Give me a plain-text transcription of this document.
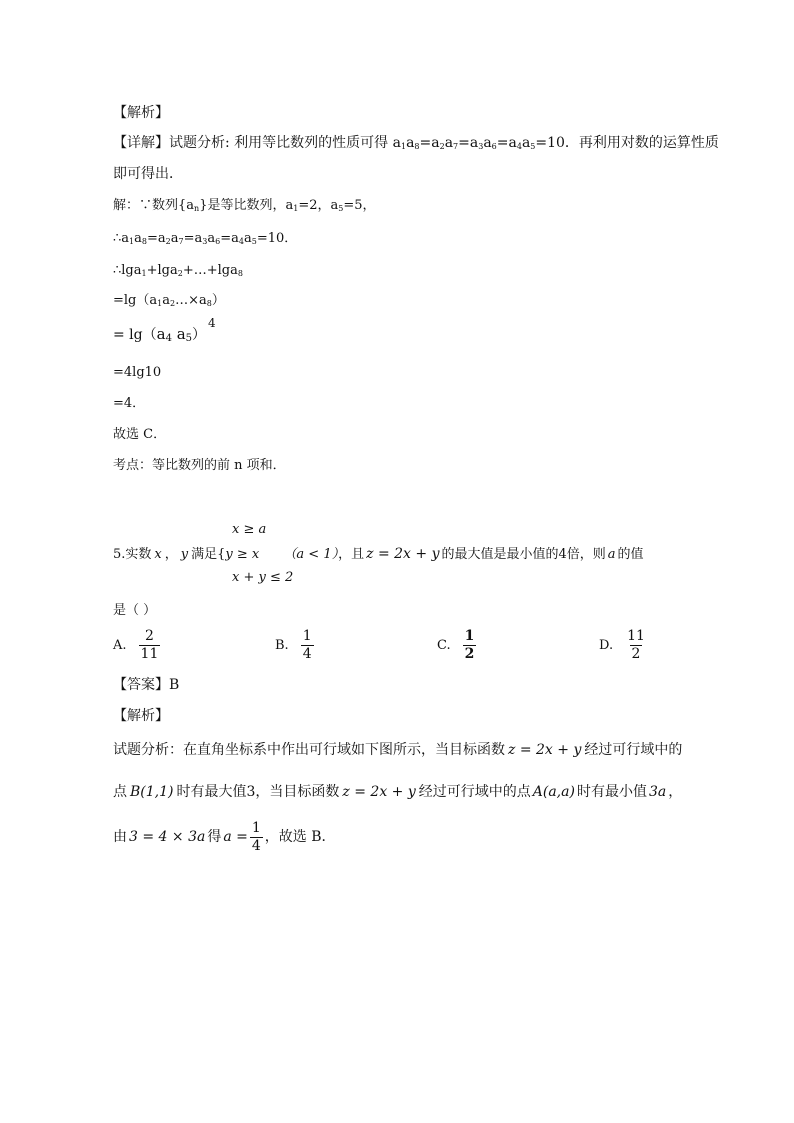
【解析】
【详解】试题分析: 利用等比数列的性质可得 $a_1a_8=a_2a_7=a_3a_6=a_4a_5=10$．再利用对数的运算性质
即可得出．
解：∵数列$\{a_n\}$是等比数列，$a_1=2$，$a_5=5$，
$\therefore a_1a_8=a_2a_7=a_3a_6=a_4a_5=10$．
∴lga$_1$+lga$_2$+…+lga$_8$
$=\lg(a_1a_2\dots\times a_8)$
= $\lg(a_4$ $a_5)4$
=4lg10
=4．
故选 C．
考点：等比数列的前 n 项和．
x ≥ a
5.实数 x ， y 满足{y ≥ x （a < 1），且 z = 2x + y 的最大值是最小值的4倍，则 a 的值
x + y ≤ 2
是（ ）
A. $\frac{2}{11}$	B. $\frac{1}{4}$	C. $\frac{1}{2}$	D. $\frac{11}{2}$
【答案】B
【解析】
试题分析：在直角坐标系中作出可行域如下图所示，当目标函数 z = 2x + y 经过可行域中的
点 B(1,1) 时有最大值3，当目标函数 z = 2x + y 经过可行域中的点 A(a,a) 时有最小值 3a ，
由 3 = 4 × 3a 得 $a = \frac{1}{4}$ ，故选 B．
